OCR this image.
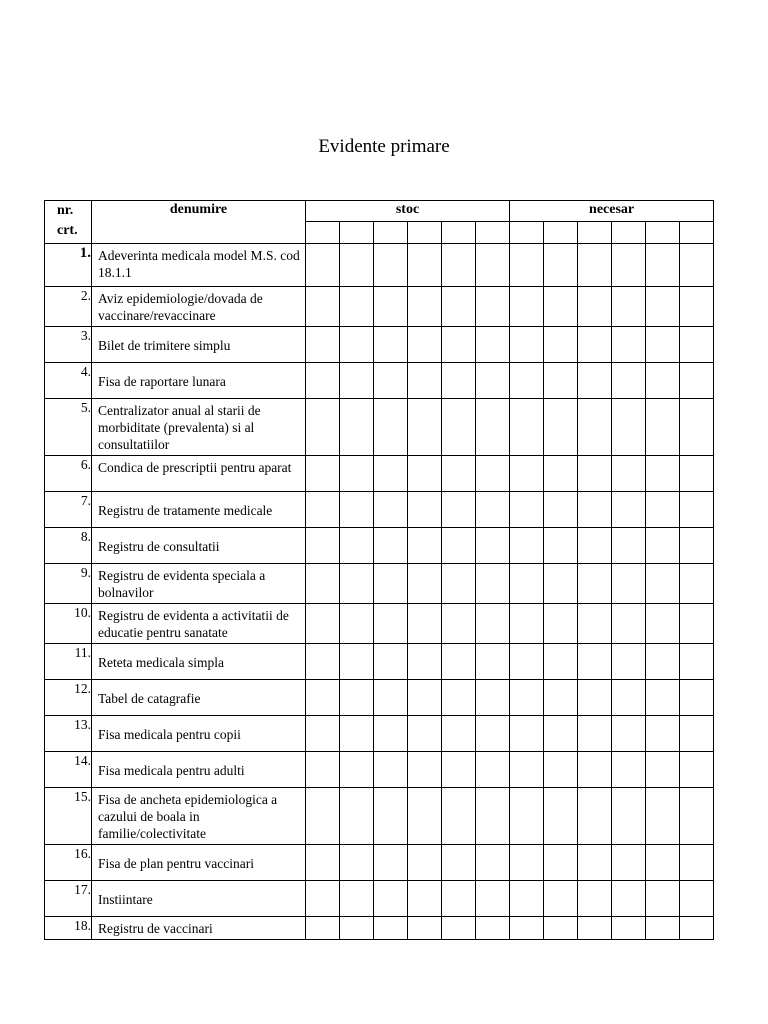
Evidente primare
nr. crt.	denumire	stoc						necesar					

1.	Adeverinta medicala model M.S. cod 18.1.1												
2.	Aviz epidemiologie/dovada de vaccinare/revaccinare												
3.	Bilet de trimitere simplu												
4.	Fisa de raportare lunara												
5.	Centralizator anual al starii de morbiditate (prevalenta) si al consultatiilor												
6.	Condica de prescriptii pentru aparat												
7.	Registru de tratamente medicale												
8.	Registru de consultatii												
9.	Registru de evidenta speciala a bolnavilor												
10.	Registru de evidenta a activitatii de educatie pentru sanatate												
11.	Reteta medicala simpla												
12.	Tabel de catagrafie												
13.	Fisa medicala pentru copii												
14.	Fisa medicala pentru adulti												
15.	Fisa de ancheta epidemiologica a cazului de boala in familie/colectivitate												
16.	Fisa de plan pentru vaccinari												
17.	Instiintare												
18.	Registru de vaccinari												
